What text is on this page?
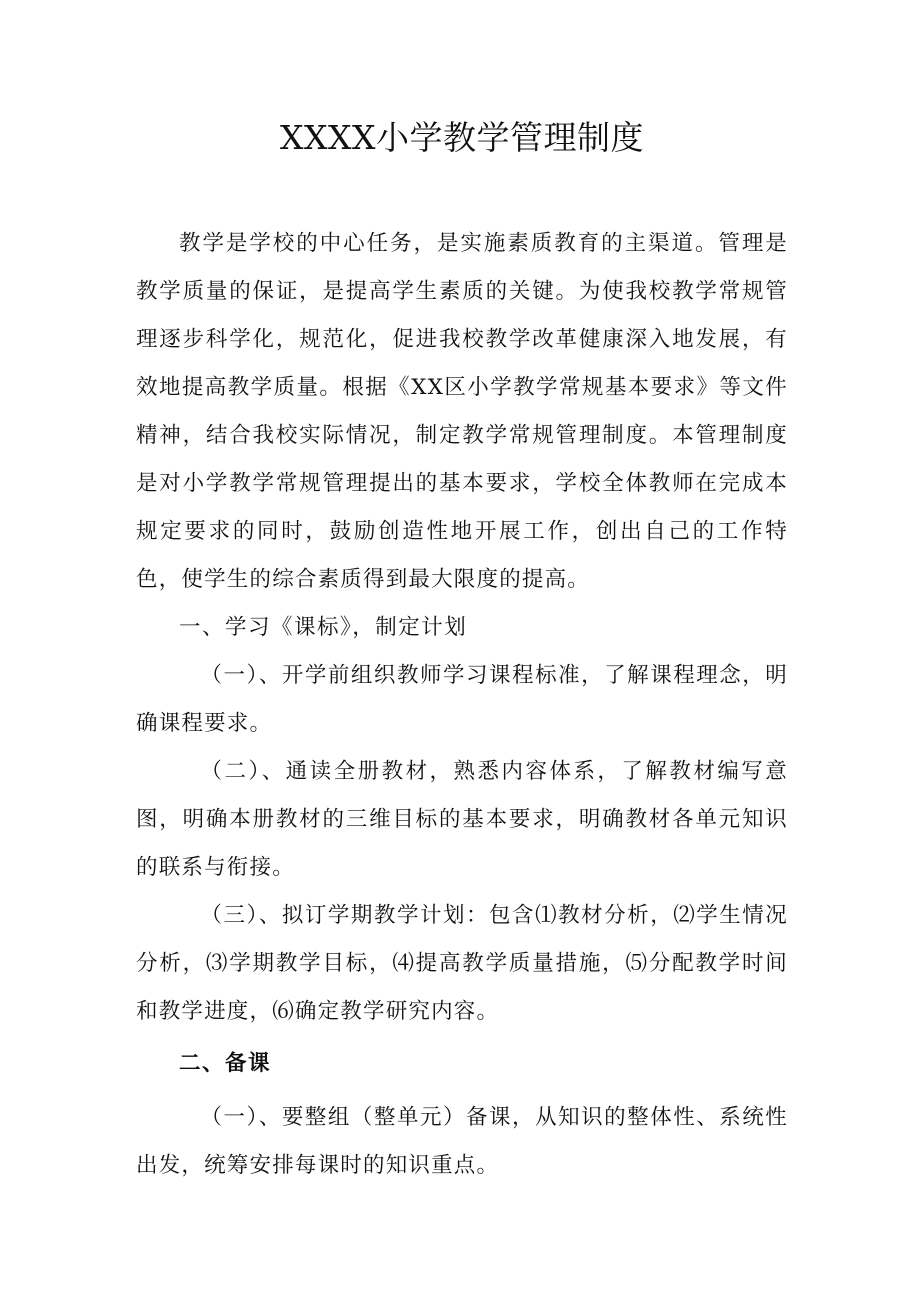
XXXX小学教学管理制度

教学是学校的中心任务，是实施素质教育的主渠道。管理是教学质量的保证，是提高学生素质的关键。为使我校教学常规管理逐步科学化，规范化，促进我校教学改革健康深入地发展，有效地提高教学质量。根据《XX区小学教学常规基本要求》等文件精神，结合我校实际情况，制定教学常规管理制度。本管理制度是对小学教学常规管理提出的基本要求，学校全体教师在完成本规定要求的同时，鼓励创造性地开展工作，创出自己的工作特色，使学生的综合素质得到最大限度的提高。

一、学习《课标》，制定计划

（一）、开学前组织教师学习课程标准，了解课程理念，明确课程要求。

（二）、通读全册教材，熟悉内容体系，了解教材编写意图，明确本册教材的三维目标的基本要求，明确教材各单元知识的联系与衔接。

（三）、拟订学期教学计划：包含⑴教材分析，⑵学生情况分析，⑶学期教学目标，⑷提高教学质量措施，⑸分配教学时间和教学进度，⑹确定教学研究内容。

二、备课

（一）、要整组（整单元）备课，从知识的整体性、系统性出发，统筹安排每课时的知识重点。
